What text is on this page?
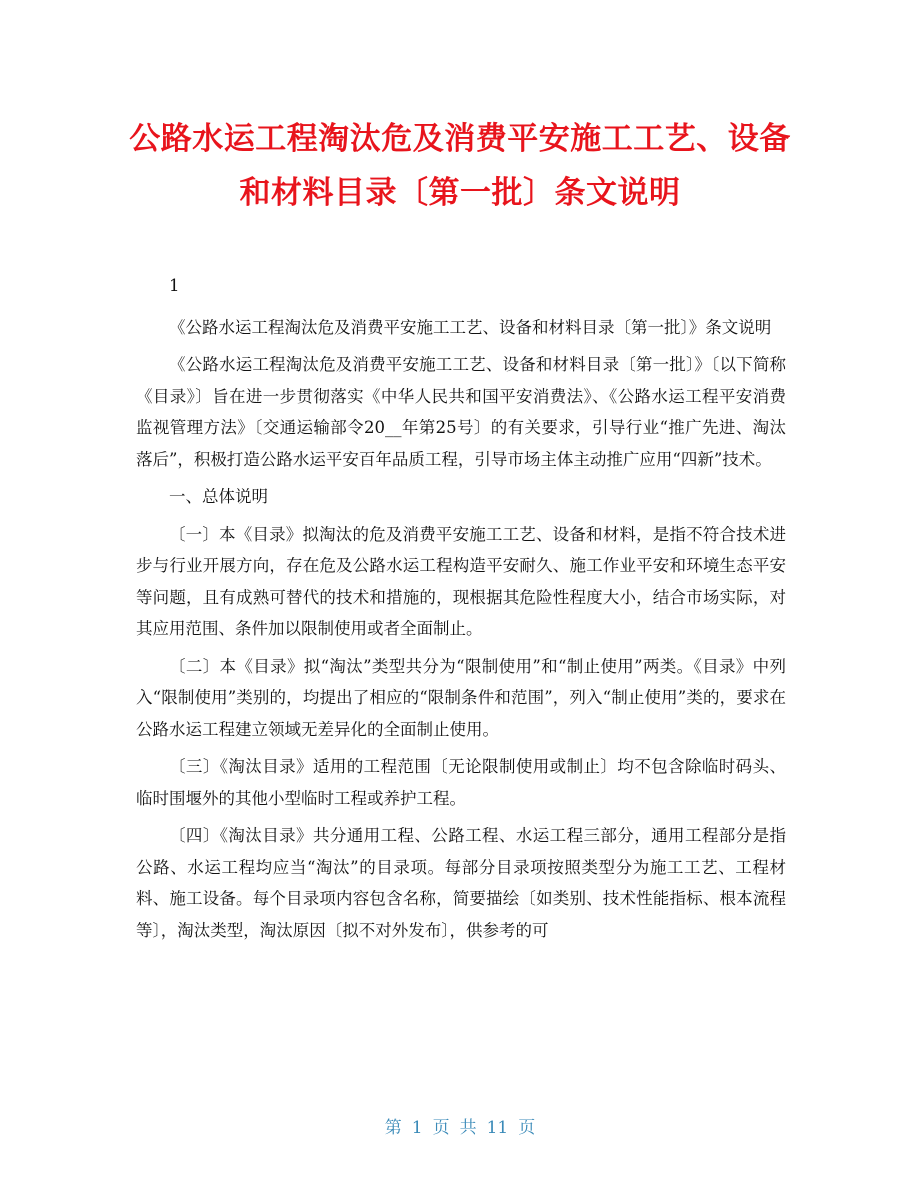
公路水运工程淘汰危及消费平安施工工艺、设备和材料目录〔第一批〕条文说明

1

《公路水运工程淘汰危及消费平安施工工艺、设备和材料目录〔第一批〕》条文说明

《公路水运工程淘汰危及消费平安施工工艺、设备和材料目录〔第一批〕》〔以下简称《目录》〕旨在进一步贯彻落实《中华人民共和国平安消费法》、《公路水运工程平安消费监视管理方法》〔交通运输部令20__年第25号〕的有关要求，引导行业“推广先进、淘汰落后”，积极打造公路水运平安百年品质工程，引导市场主体主动推广应用“四新”技术。

一、总体说明

〔一〕本《目录》拟淘汰的危及消费平安施工工艺、设备和材料，是指不符合技术进步与行业开展方向，存在危及公路水运工程构造平安耐久、施工作业平安和环境生态平安等问题，且有成熟可替代的技术和措施的，现根据其危险性程度大小，结合市场实际，对其应用范围、条件加以限制使用或者全面制止。

〔二〕本《目录》拟“淘汰”类型共分为“限制使用”和“制止使用”两类。《目录》中列入“限制使用”类别的，均提出了相应的“限制条件和范围”，列入“制止使用”类的，要求在公路水运工程建立领域无差异化的全面制止使用。

〔三〕《淘汰目录》适用的工程范围〔无论限制使用或制止〕均不包含除临时码头、临时围堰外的其他小型临时工程或养护工程。

〔四〕《淘汰目录》共分通用工程、公路工程、水运工程三部分，通用工程部分是指公路、水运工程均应当“淘汰”的目录项。每部分目录项按照类型分为施工工艺、工程材料、施工设备。每个目录项内容包含名称，简要描绘〔如类别、技术性能指标、根本流程等〕，淘汰类型，淘汰原因〔拟不对外发布〕，供参考的可

第 1 页 共 11 页
